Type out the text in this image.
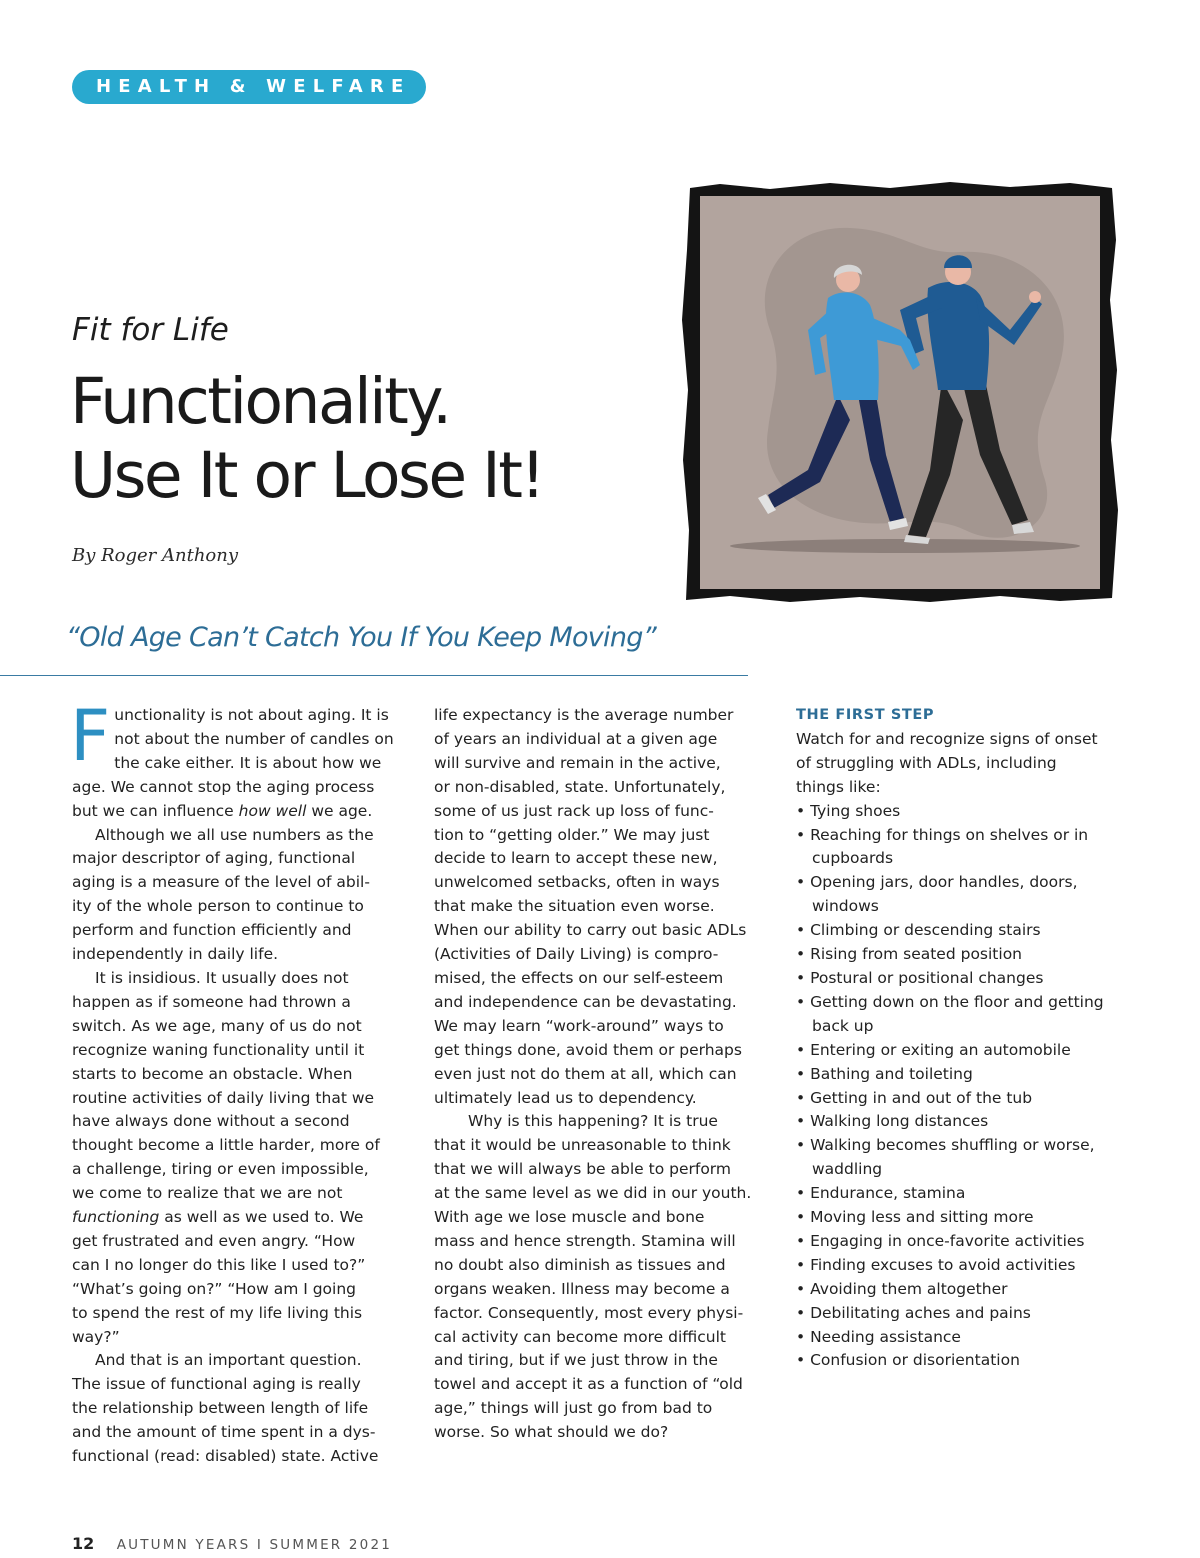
HEALTH & WELFARE
Fit for Life
Functionality.
Use It or Lose It!
By Roger Anthony
“Old Age Can’t Catch You If You Keep Moving”

F unctionality is not about aging. It is
not about the number of candles on
the cake either. It is about how we
age. We cannot stop the aging process
but we can influence how well we age.

Although we all use numbers as the
major descriptor of aging, functional
aging is a measure of the level of abil-
ity of the whole person to continue to
perform and function efficiently and
independently in daily life.

It is insidious. It usually does not
happen as if someone had thrown a
switch. As we age, many of us do not
recognize waning functionality until it
starts to become an obstacle. When
routine activities of daily living that we
have always done without a second
thought become a little harder, more of
a challenge, tiring or even impossible,
we come to realize that we are not
functioning as well as we used to. We
get frustrated and even angry. “How
can I no longer do this like I used to?”
“What’s going on?” “How am I going
to spend the rest of my life living this
way?”

And that is an important question.
The issue of functional aging is really
the relationship between length of life
and the amount of time spent in a dys-
functional (read: disabled) state. Active

life expectancy is the average number
of years an individual at a given age
will survive and remain in the active,
or non-disabled, state. Unfortunately,
some of us just rack up loss of func-
tion to “getting older.” We may just
decide to learn to accept these new,
unwelcomed setbacks, often in ways
that make the situation even worse.
When our ability to carry out basic ADLs
(Activities of Daily Living) is compro-
mised, the effects on our self-esteem
and independence can be devastating.
We may learn “work-around” ways to
get things done, avoid them or perhaps
even just not do them at all, which can
ultimately lead us to dependency.

Why is this happening? It is true
that it would be unreasonable to think
that we will always be able to perform
at the same level as we did in our youth.
With age we lose muscle and bone
mass and hence strength. Stamina will
no doubt also diminish as tissues and
organs weaken. Illness may become a
factor. Consequently, most every physi-
cal activity can become more difficult
and tiring, but if we just throw in the
towel and accept it as a function of “old
age,” things will just go from bad to
worse. So what should we do?

THE FIRST STEP

Watch for and recognize signs of onset
of struggling with ADLs, including
things like:

• Tying shoes
• Reaching for things on shelves or in
cupboards
• Opening jars, door handles, doors,
windows
• Climbing or descending stairs
• Rising from seated position
• Postural or positional changes
• Getting down on the floor and getting
back up
• Entering or exiting an automobile
• Bathing and toileting
• Getting in and out of the tub
• Walking long distances
• Walking becomes shuffling or worse,
waddling
• Endurance, stamina
• Moving less and sitting more
• Engaging in once-favorite activities
• Finding excuses to avoid activities
• Avoiding them altogether
• Debilitating aches and pains
• Needing assistance
• Confusion or disorientation
12 AUTUMN YEARS I SUMMER 2021
